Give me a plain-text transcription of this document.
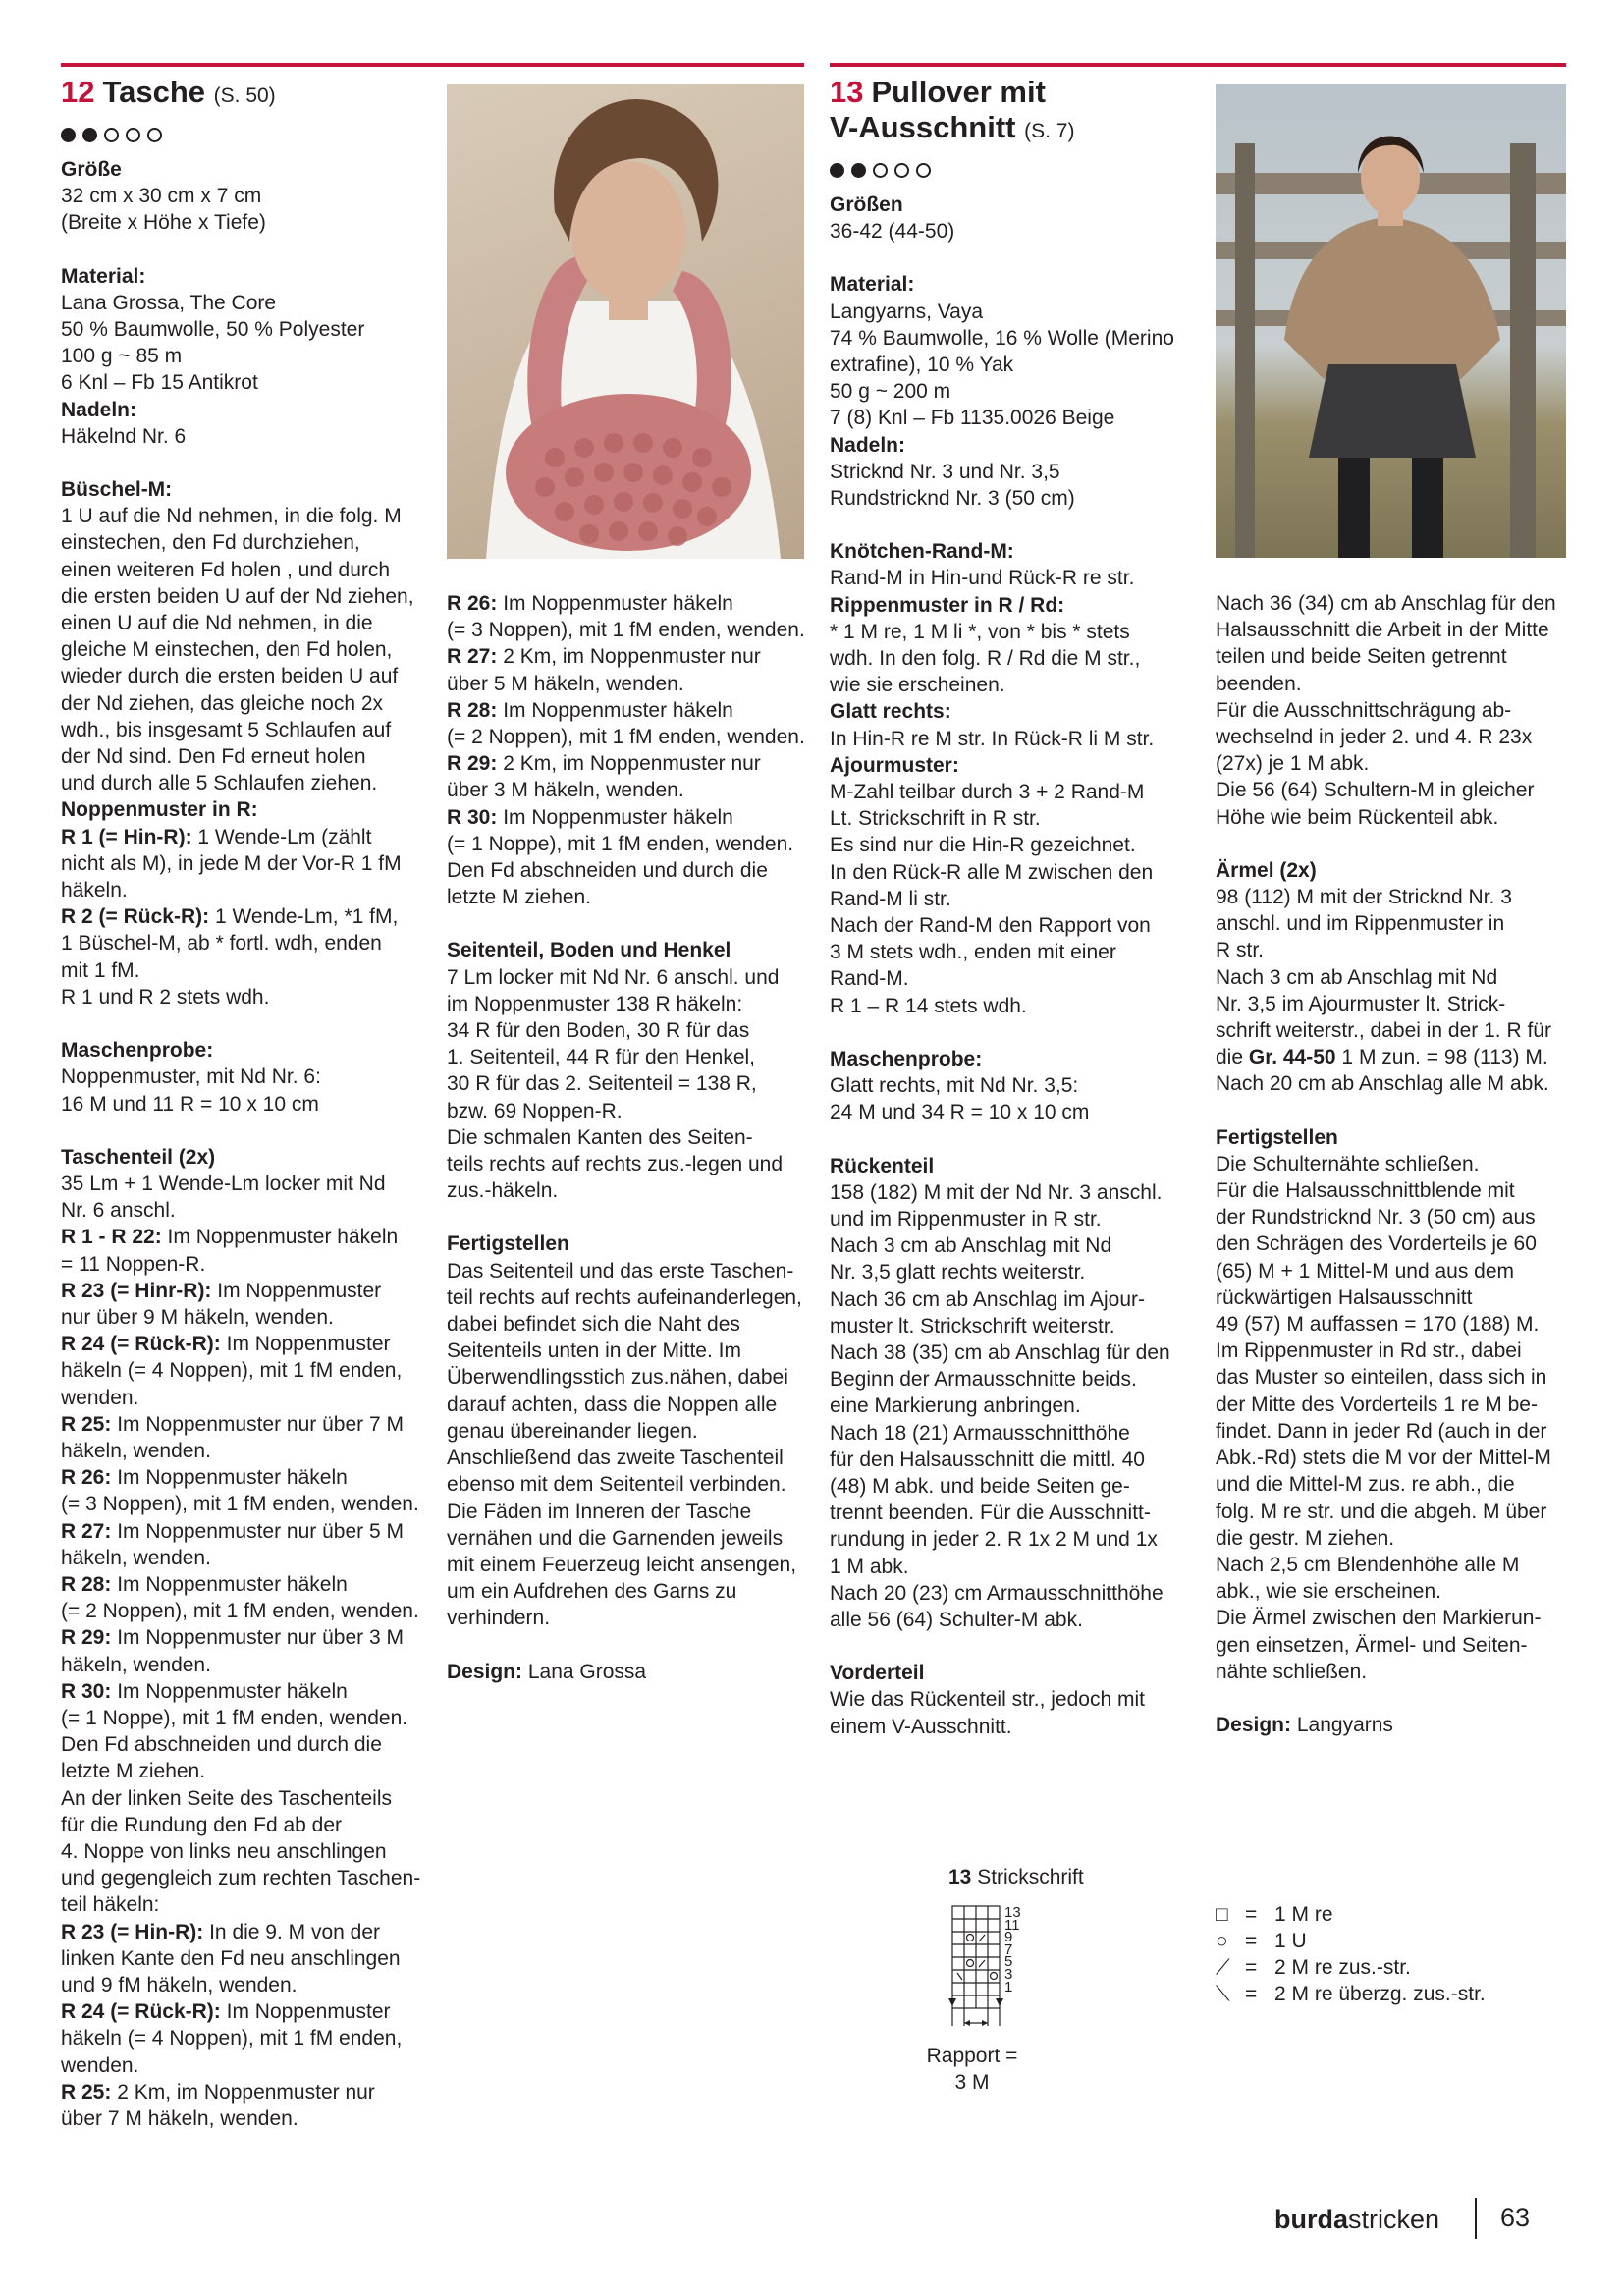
12 Tasche (S. 50)

Größe

32 cm x 30 cm x 7 cm

(Breite x Höhe x Tiefe)

Material:

Lana Grossa, The Core

50 % Baumwolle, 50 % Polyester

100 g ~ 85 m

6 Knl – Fb 15 Antikrot

Nadeln:

Häkelnd Nr. 6

Büschel-M:

1 U auf die Nd nehmen, in die folg. M

einstechen, den Fd durchziehen,

einen weiteren Fd holen , und durch

die ersten beiden U auf der Nd ziehen,

einen U auf die Nd nehmen, in die

gleiche M einstechen, den Fd holen,

wieder durch die ersten beiden U auf

der Nd ziehen, das gleiche noch 2x

wdh., bis insgesamt 5 Schlaufen auf

der Nd sind. Den Fd erneut holen

und durch alle 5 Schlaufen ziehen.

Noppenmuster in R:

R 1 (= Hin-R): 1 Wende-Lm (zählt

nicht als M), in jede M der Vor-R 1 fM

häkeln.

R 2 (= Rück-R): 1 Wende-Lm, *1 fM,

1 Büschel-M, ab * fortl. wdh, enden

mit 1 fM.

R 1 und R 2 stets wdh.

Maschenprobe:

Noppenmuster, mit Nd Nr. 6:

16 M und 11 R = 10 x 10 cm

Taschenteil (2x)

35 Lm + 1 Wende-Lm locker mit Nd

Nr. 6 anschl.

R 1 - R 22: Im Noppenmuster häkeln

= 11 Noppen-R.

R 23 (= Hinr-R): Im Noppenmuster

nur über 9 M häkeln, wenden.

R 24 (= Rück-R): Im Noppenmuster

häkeln (= 4 Noppen), mit 1 fM enden,

wenden.

R 25: Im Noppenmuster nur über 7 M

häkeln, wenden.

R 26: Im Noppenmuster häkeln

(= 3 Noppen), mit 1 fM enden, wenden.

R 27: Im Noppenmuster nur über 5 M

häkeln, wenden.

R 28: Im Noppenmuster häkeln

(= 2 Noppen), mit 1 fM enden, wenden.

R 29: Im Noppenmuster nur über 3 M

häkeln, wenden.

R 30: Im Noppenmuster häkeln

(= 1 Noppe), mit 1 fM enden, wenden.

Den Fd abschneiden und durch die

letzte M ziehen.

An der linken Seite des Taschenteils

für die Rundung den Fd ab der

4. Noppe von links neu anschlingen

und gegengleich zum rechten Taschen-

teil häkeln:

R 23 (= Hin-R): In die 9. M von der

linken Kante den Fd neu anschlingen

und 9 fM häkeln, wenden.

R 24 (= Rück-R): Im Noppenmuster

häkeln (= 4 Noppen), mit 1 fM enden,

wenden.

R 25: 2 Km, im Noppenmuster nur

über 7 M häkeln, wenden.

R 26: Im Noppenmuster häkeln

(= 3 Noppen), mit 1 fM enden, wenden.

R 27: 2 Km, im Noppenmuster nur

über 5 M häkeln, wenden.

R 28: Im Noppenmuster häkeln

(= 2 Noppen), mit 1 fM enden, wenden.

R 29: 2 Km, im Noppenmuster nur

über 3 M häkeln, wenden.

R 30: Im Noppenmuster häkeln

(= 1 Noppe), mit 1 fM enden, wenden.

Den Fd abschneiden und durch die

letzte M ziehen.

Seitenteil, Boden und Henkel

7 Lm locker mit Nd Nr. 6 anschl. und

im Noppenmuster 138 R häkeln:

34 R für den Boden, 30 R für das

1. Seitenteil, 44 R für den Henkel,

30 R für das 2. Seitenteil = 138 R,

bzw. 69 Noppen-R.

Die schmalen Kanten des Seiten-

teils rechts auf rechts zus.-legen und

zus.-häkeln.

Fertigstellen

Das Seitenteil und das erste Taschen-

teil rechts auf rechts aufeinanderlegen,

dabei befindet sich die Naht des

Seitenteils unten in der Mitte. Im

Überwendlingsstich zus.nähen, dabei

darauf achten, dass die Noppen alle

genau übereinander liegen.

Anschließend das zweite Taschenteil

ebenso mit dem Seitenteil verbinden.

Die Fäden im Inneren der Tasche

vernähen und die Garnenden jeweils

mit einem Feuerzeug leicht ansengen,

um ein Aufdrehen des Garns zu

verhindern.

Design: Lana Grossa

13 Pullover mit
V-Ausschnitt (S. 7)

Größen

36-42 (44-50)

Material:

Langyarns, Vaya

74 % Baumwolle, 16 % Wolle (Merino

extrafine), 10 % Yak

50 g ~ 200 m

7 (8) Knl – Fb 1135.0026 Beige

Nadeln:

Stricknd Nr. 3 und Nr. 3,5

Rundstricknd Nr. 3 (50 cm)

Knötchen-Rand-M:

Rand-M in Hin-und Rück-R re str.

Rippenmuster in R / Rd:

* 1 M re, 1 M li *, von * bis * stets

wdh. In den folg. R / Rd die M str.,

wie sie erscheinen.

Glatt rechts:

In Hin-R re M str. In Rück-R li M str.

Ajourmuster:

M-Zahl teilbar durch 3 + 2 Rand-M

Lt. Strickschrift in R str.

Es sind nur die Hin-R gezeichnet.

In den Rück-R alle M zwischen den

Rand-M li str.

Nach der Rand-M den Rapport von

3 M stets wdh., enden mit einer

Rand-M.

R 1 – R 14 stets wdh.

Maschenprobe:

Glatt rechts, mit Nd Nr. 3,5:

24 M und 34 R = 10 x 10 cm

Rückenteil

158 (182) M mit der Nd Nr. 3 anschl.

und im Rippenmuster in R str.

Nach 3 cm ab Anschlag mit Nd

Nr. 3,5 glatt rechts weiterstr.

Nach 36 cm ab Anschlag im Ajour-

muster lt. Strickschrift weiterstr.

Nach 38 (35) cm ab Anschlag für den

Beginn der Armausschnitte beids.

eine Markierung anbringen.

Nach 18 (21) Armausschnitthöhe

für den Halsausschnitt die mittl. 40

(48) M abk. und beide Seiten ge-

trennt beenden. Für die Ausschnitt-

rundung in jeder 2. R 1x 2 M und 1x

1 M abk.

Nach 20 (23) cm Armausschnitthöhe

alle 56 (64) Schulter-M abk.

Vorderteil

Wie das Rückenteil str., jedoch mit

einem V-Ausschnitt.

Nach 36 (34) cm ab Anschlag für den

Halsausschnitt die Arbeit in der Mitte

teilen und beide Seiten getrennt

beenden.

Für die Ausschnittschrägung ab-

wechselnd in jeder 2. und 4. R 23x

(27x) je 1 M abk.

Die 56 (64) Schultern-M in gleicher

Höhe wie beim Rückenteil abk.

Ärmel (2x)

98 (112) M mit der Stricknd Nr. 3

anschl. und im Rippenmuster in

R str.

Nach 3 cm ab Anschlag mit Nd

Nr. 3,5 im Ajourmuster lt. Strick-

schrift weiterstr., dabei in der 1. R für

die Gr. 44-50 1 M zun. = 98 (113) M.

Nach 20 cm ab Anschlag alle M abk.

Fertigstellen

Die Schulternähte schließen.

Für die Halsausschnittblende mit

der Rundstricknd Nr. 3 (50 cm) aus

den Schrägen des Vorderteils je 60

(65) M + 1 Mittel-M und aus dem

rückwärtigen Halsausschnitt

49 (57) M auffassen = 170 (188) M.

Im Rippenmuster in Rd str., dabei

das Muster so einteilen, dass sich in

der Mitte des Vorderteils 1 re M be-

findet. Dann in jeder Rd (auch in der

Abk.-Rd) stets die M vor der Mittel-M

und die Mittel-M zus. re abh., die

folg. M re str. und die abgeh. M über

die gestr. M ziehen.

Nach 2,5 cm Blendenhöhe alle M

abk., wie sie erscheinen.

Die Ärmel zwischen den Markierun-

gen einsetzen, Ärmel- und Seiten-

nähte schließen.

Design: Langyarns

13 Strickschrift

13

11

9

7

5

3

1

Rapport =

3 M

□ = 1 M re

○ = 1 U

⟋ = 2 M re zus.-str.

⟍ = 2 M re überzg. zus.-str.

burdastricken 63
